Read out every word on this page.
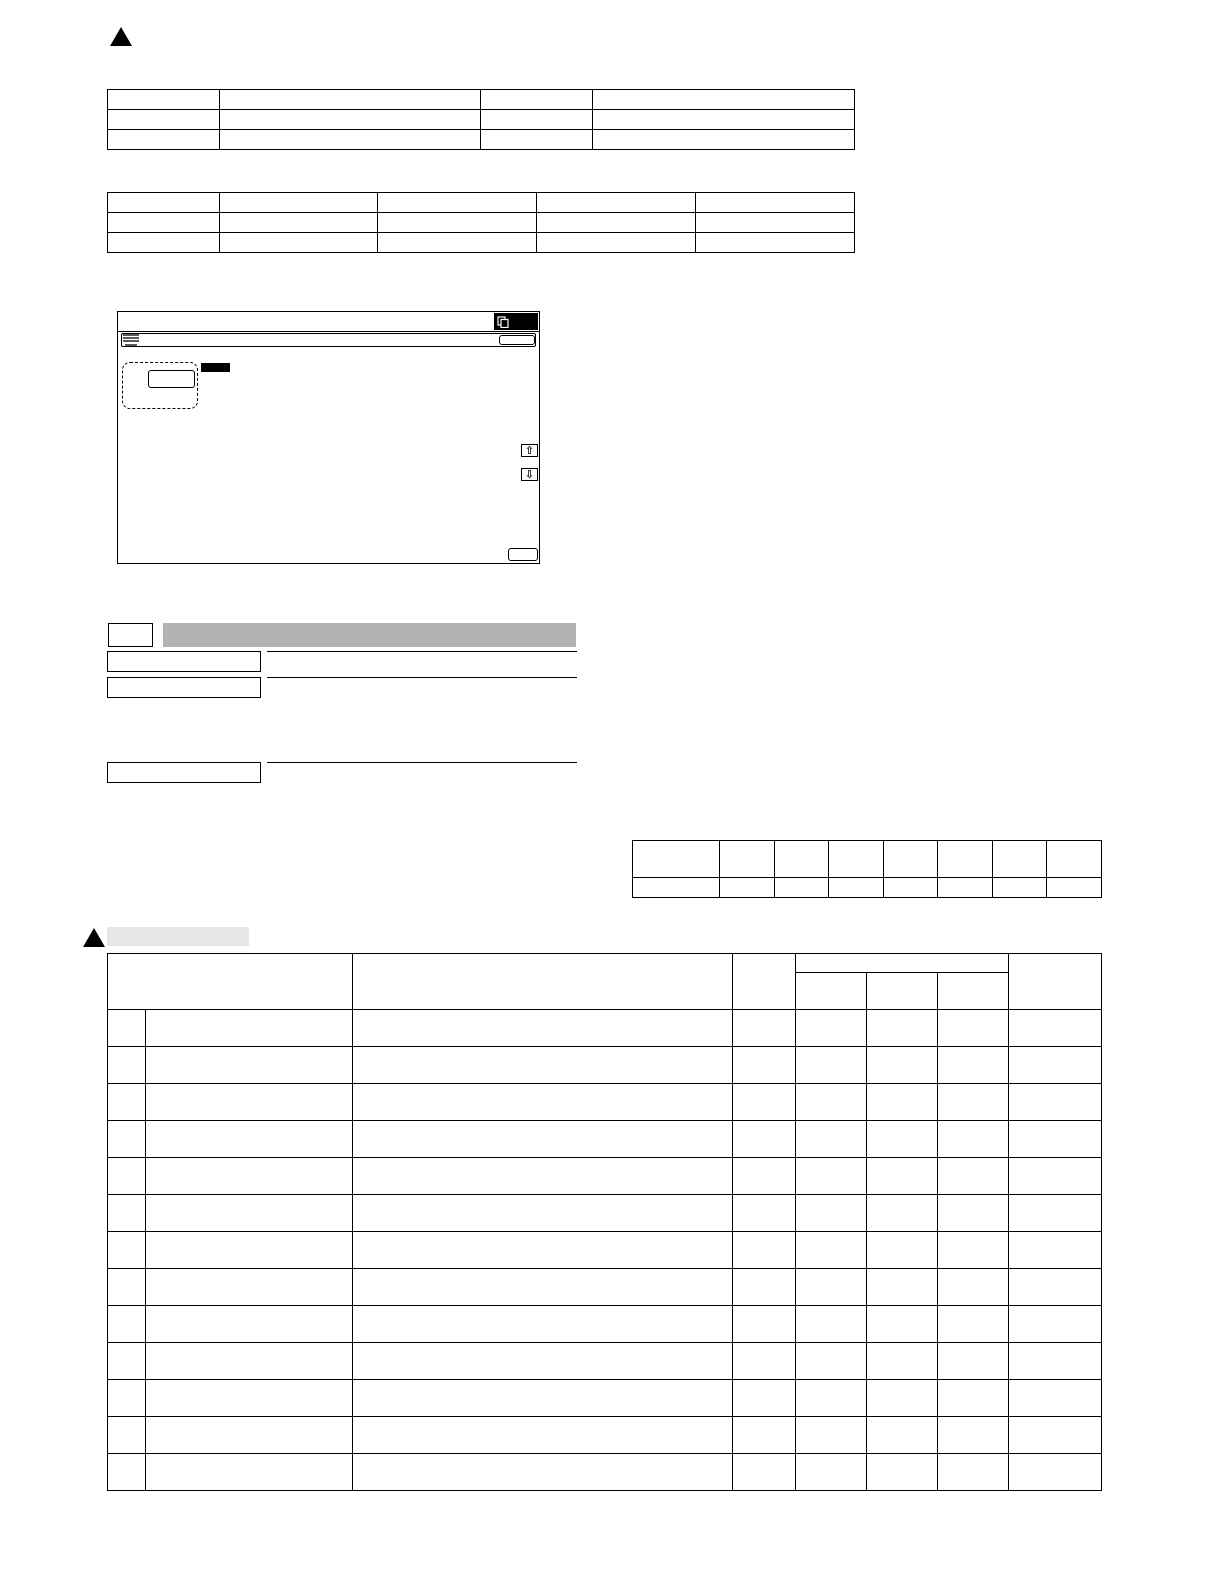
⇧
⇩
